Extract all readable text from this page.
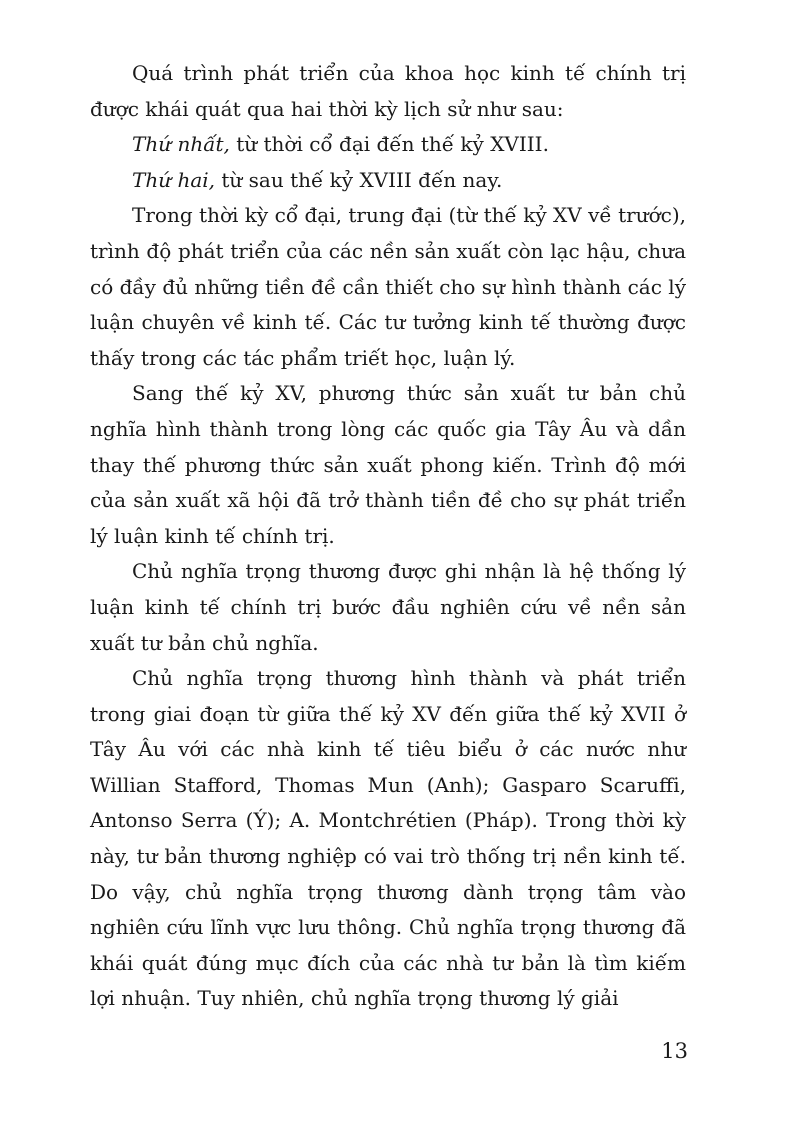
Quá trình phát triển của khoa học kinh tế chính trị được khái quát qua hai thời kỳ lịch sử như sau:

Thứ nhất, từ thời cổ đại đến thế kỷ XVIII.

Thứ hai, từ sau thế kỷ XVIII đến nay.

Trong thời kỳ cổ đại, trung đại (từ thế kỷ XV về trước), trình độ phát triển của các nền sản xuất còn lạc hậu, chưa có đầy đủ những tiền đề cần thiết cho sự hình thành các lý luận chuyên về kinh tế. Các tư tưởng kinh tế thường được thấy trong các tác phẩm triết học, luận lý.

Sang thế kỷ XV, phương thức sản xuất tư bản chủ nghĩa hình thành trong lòng các quốc gia Tây Âu và dần thay thế phương thức sản xuất phong kiến. Trình độ mới của sản xuất xã hội đã trở thành tiền đề cho sự phát triển lý luận kinh tế chính trị.

Chủ nghĩa trọng thương được ghi nhận là hệ thống lý luận kinh tế chính trị bước đầu nghiên cứu về nền sản xuất tư bản chủ nghĩa.

Chủ nghĩa trọng thương hình thành và phát triển trong giai đoạn từ giữa thế kỷ XV đến giữa thế kỷ XVII ở Tây Âu với các nhà kinh tế tiêu biểu ở các nước như Willian Stafford, Thomas Mun (Anh); Gasparo Scaruffi, Antonso Serra (Ý); A. Montchrétien (Pháp). Trong thời kỳ này, tư bản thương nghiệp có vai trò thống trị nền kinh tế. Do vậy, chủ nghĩa trọng thương dành trọng tâm vào nghiên cứu lĩnh vực lưu thông. Chủ nghĩa trọng thương đã khái quát đúng mục đích của các nhà tư bản là tìm kiếm lợi nhuận. Tuy nhiên, chủ nghĩa trọng thương lý giải

13
